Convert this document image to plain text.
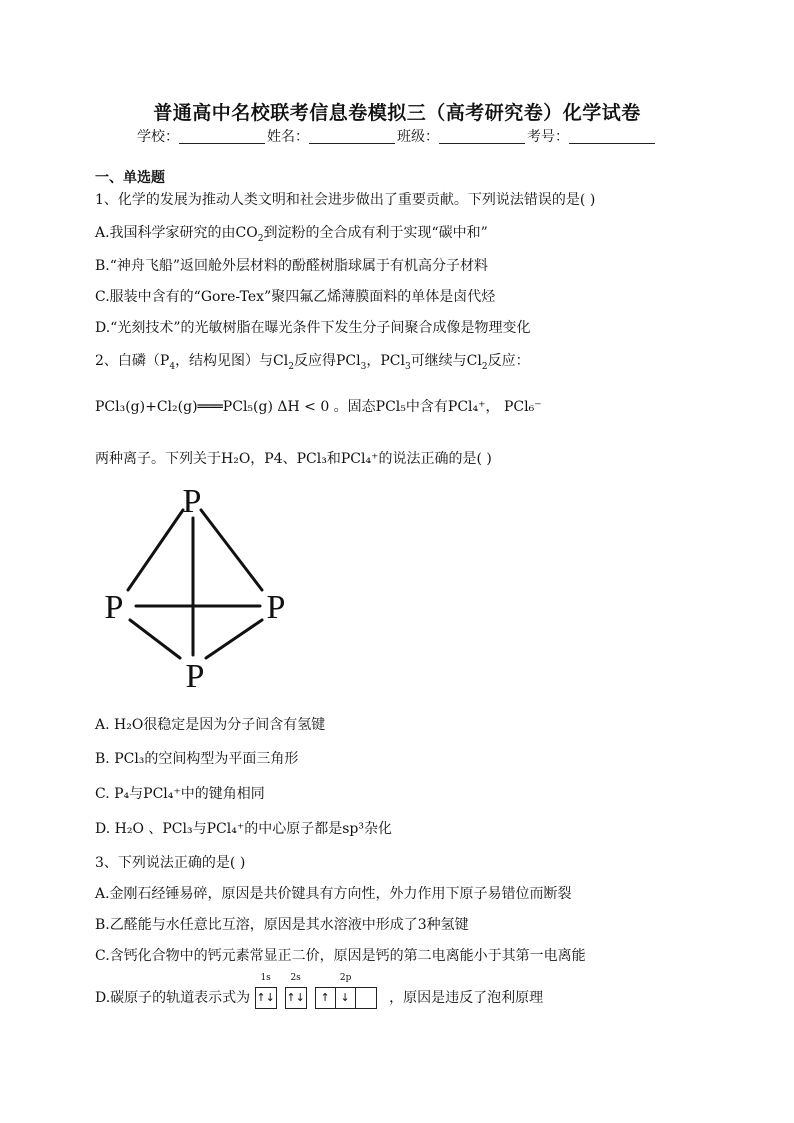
普通高中名校联考信息卷模拟三（高考研究卷）化学试卷
学校：	姓名：	班级：	考号：
一、单选题
1、化学的发展为推动人类文明和社会进步做出了重要贡献。下列说法错误的是( )
A.我国科学家研究的由$CO_2$到淀粉的全合成有利于实现“碳中和”
B.“神舟飞船”返回舱外层材料的酚醛树脂球属于有机高分子材料
C.服装中含有的“Gore-Tex”聚四氟乙烯薄膜面料的单体是卤代烃
D.“光刻技术”的光敏树脂在曝光条件下发生分子间聚合成像是物理变化
2、白磷（$P_4$，结构见图）与$Cl_2$反应得PCl$_3$，PCl$_3$可继续与$Cl_2$反应：
PCl₃(g)+Cl₂(g)═══PCl₅(g) ΔH < 0 。固态PCl₅中含有PCl₄⁺， PCl₆⁻
两种离子。下列关于H₂O，P4、PCl₃和PCl₄⁺的说法正确的是( )
P
P	P
P
A. H₂O很稳定是因为分子间含有氢键
B. PCl₃的空间构型为平面三角形
C. P₄与PCl₄⁺中的键角相同
D. H₂O 、PCl₃与PCl₄⁺的中心原子都是sp³杂化
3、下列说法正确的是( )
A.金刚石经锤易碎，原因是共价键具有方向性，外力作用下原子易错位而断裂
B.乙醛能与水任意比互溶，原因是其水溶液中形成了3种氢键
C.含钙化合物中的钙元素常显正二价，原因是钙的第二电离能小于其第一电离能
D.碳原子的轨道表示式为
1s
↑↓
2s
↑↓
2p
↑ ↓	，原因是违反了泡利原理
